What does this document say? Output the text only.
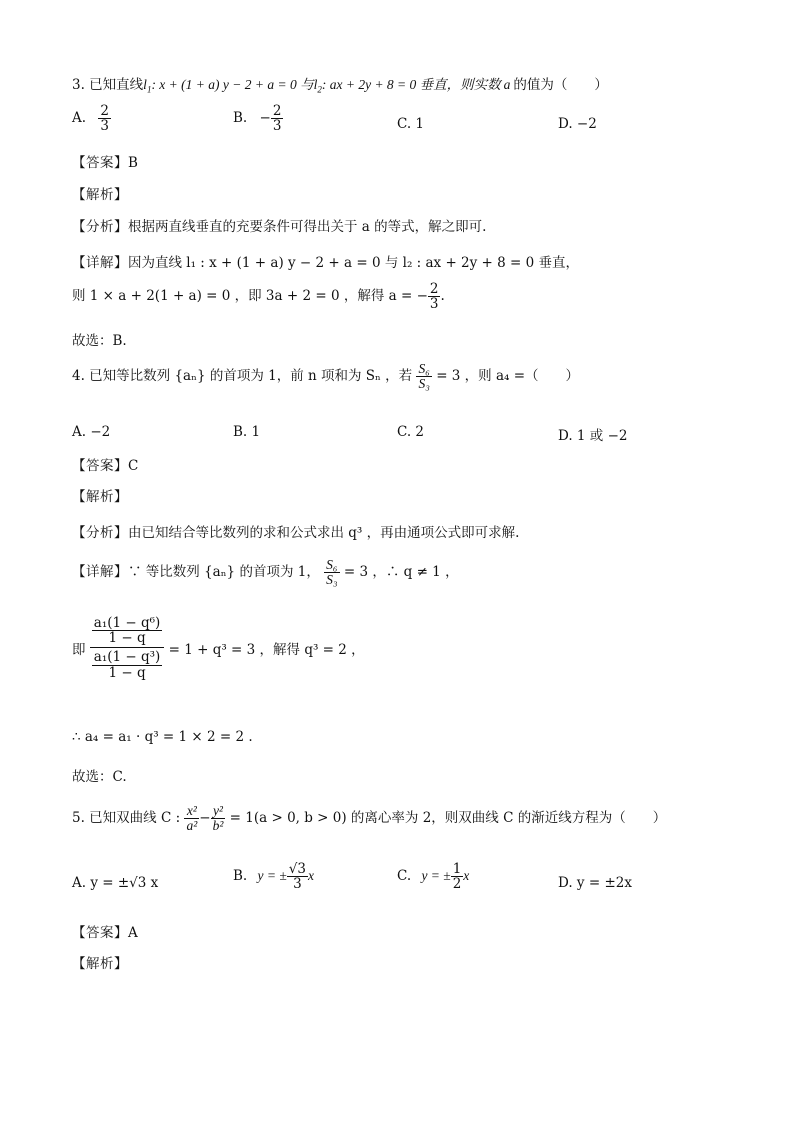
3. 已知直线$l_1$: x + (1 + a) y − 2 + a = 0 与$l_2$: ax + 2y + 8 = 0 垂直，则实数 a 的值为（　　）
A. $\frac{2}{3}$	B. − $\frac{2}{3}$	C. 1	D. −2
【答案】B
【解析】
【分析】根据两直线垂直的充要条件可得出关于 a 的等式，解之即可.
【详解】因为直线 l₁ : x + (1 + a) y − 2 + a = 0 与 l₂ : ax + 2y + 8 = 0 垂直，
则 1 × a + 2(1 + a) = 0 ，即 3a + 2 = 0 ，解得 a = − $\frac{2}{3}$ .
故选：B.
4. 已知等比数列 {aₙ} 的首项为 1，前 n 项和为 Sₙ ，若 $\frac{\text{S₆}}{\text{S₃}} = 3$ ，则 a₄ =（　　）
A. −2	B. 1	C. 2	D. 1 或 −2
【答案】C
【解析】
【分析】由已知结合等比数列的求和公式求出 q³ ，再由通项公式即可求解.
【详解】∵ 等比数列 {aₙ} 的首项为 1， $\frac{\text{S₆}}{\text{S₃}} = 3$ ，∴ q ≠ 1 ，
即 $\frac{\frac{\text{a₁(1 − q⁶)}}{1 - q}}{\frac{\text{a₁(1 − q³)}}{1 - q}} = 1 + q^3 = 3$ ，解得 q³ = 2 ，
∴ a₄ = a₁ · q³ = 1 × 2 = 2 .
故选：C.
5. 已知双曲线 C : $\frac{\text{x²}}{\text{a²}} - \frac{\text{y²}}{\text{b²}} = 1(a > 0$, b > 0) 的离心率为 2，则双曲线 C 的渐近线方程为（　　）
A. y = ±√3 x	B. y = ± $\frac{√3}{3}$ x	C. y = ± $\frac{1}{2}$ x	D. y = ±2x
【答案】A
【解析】
